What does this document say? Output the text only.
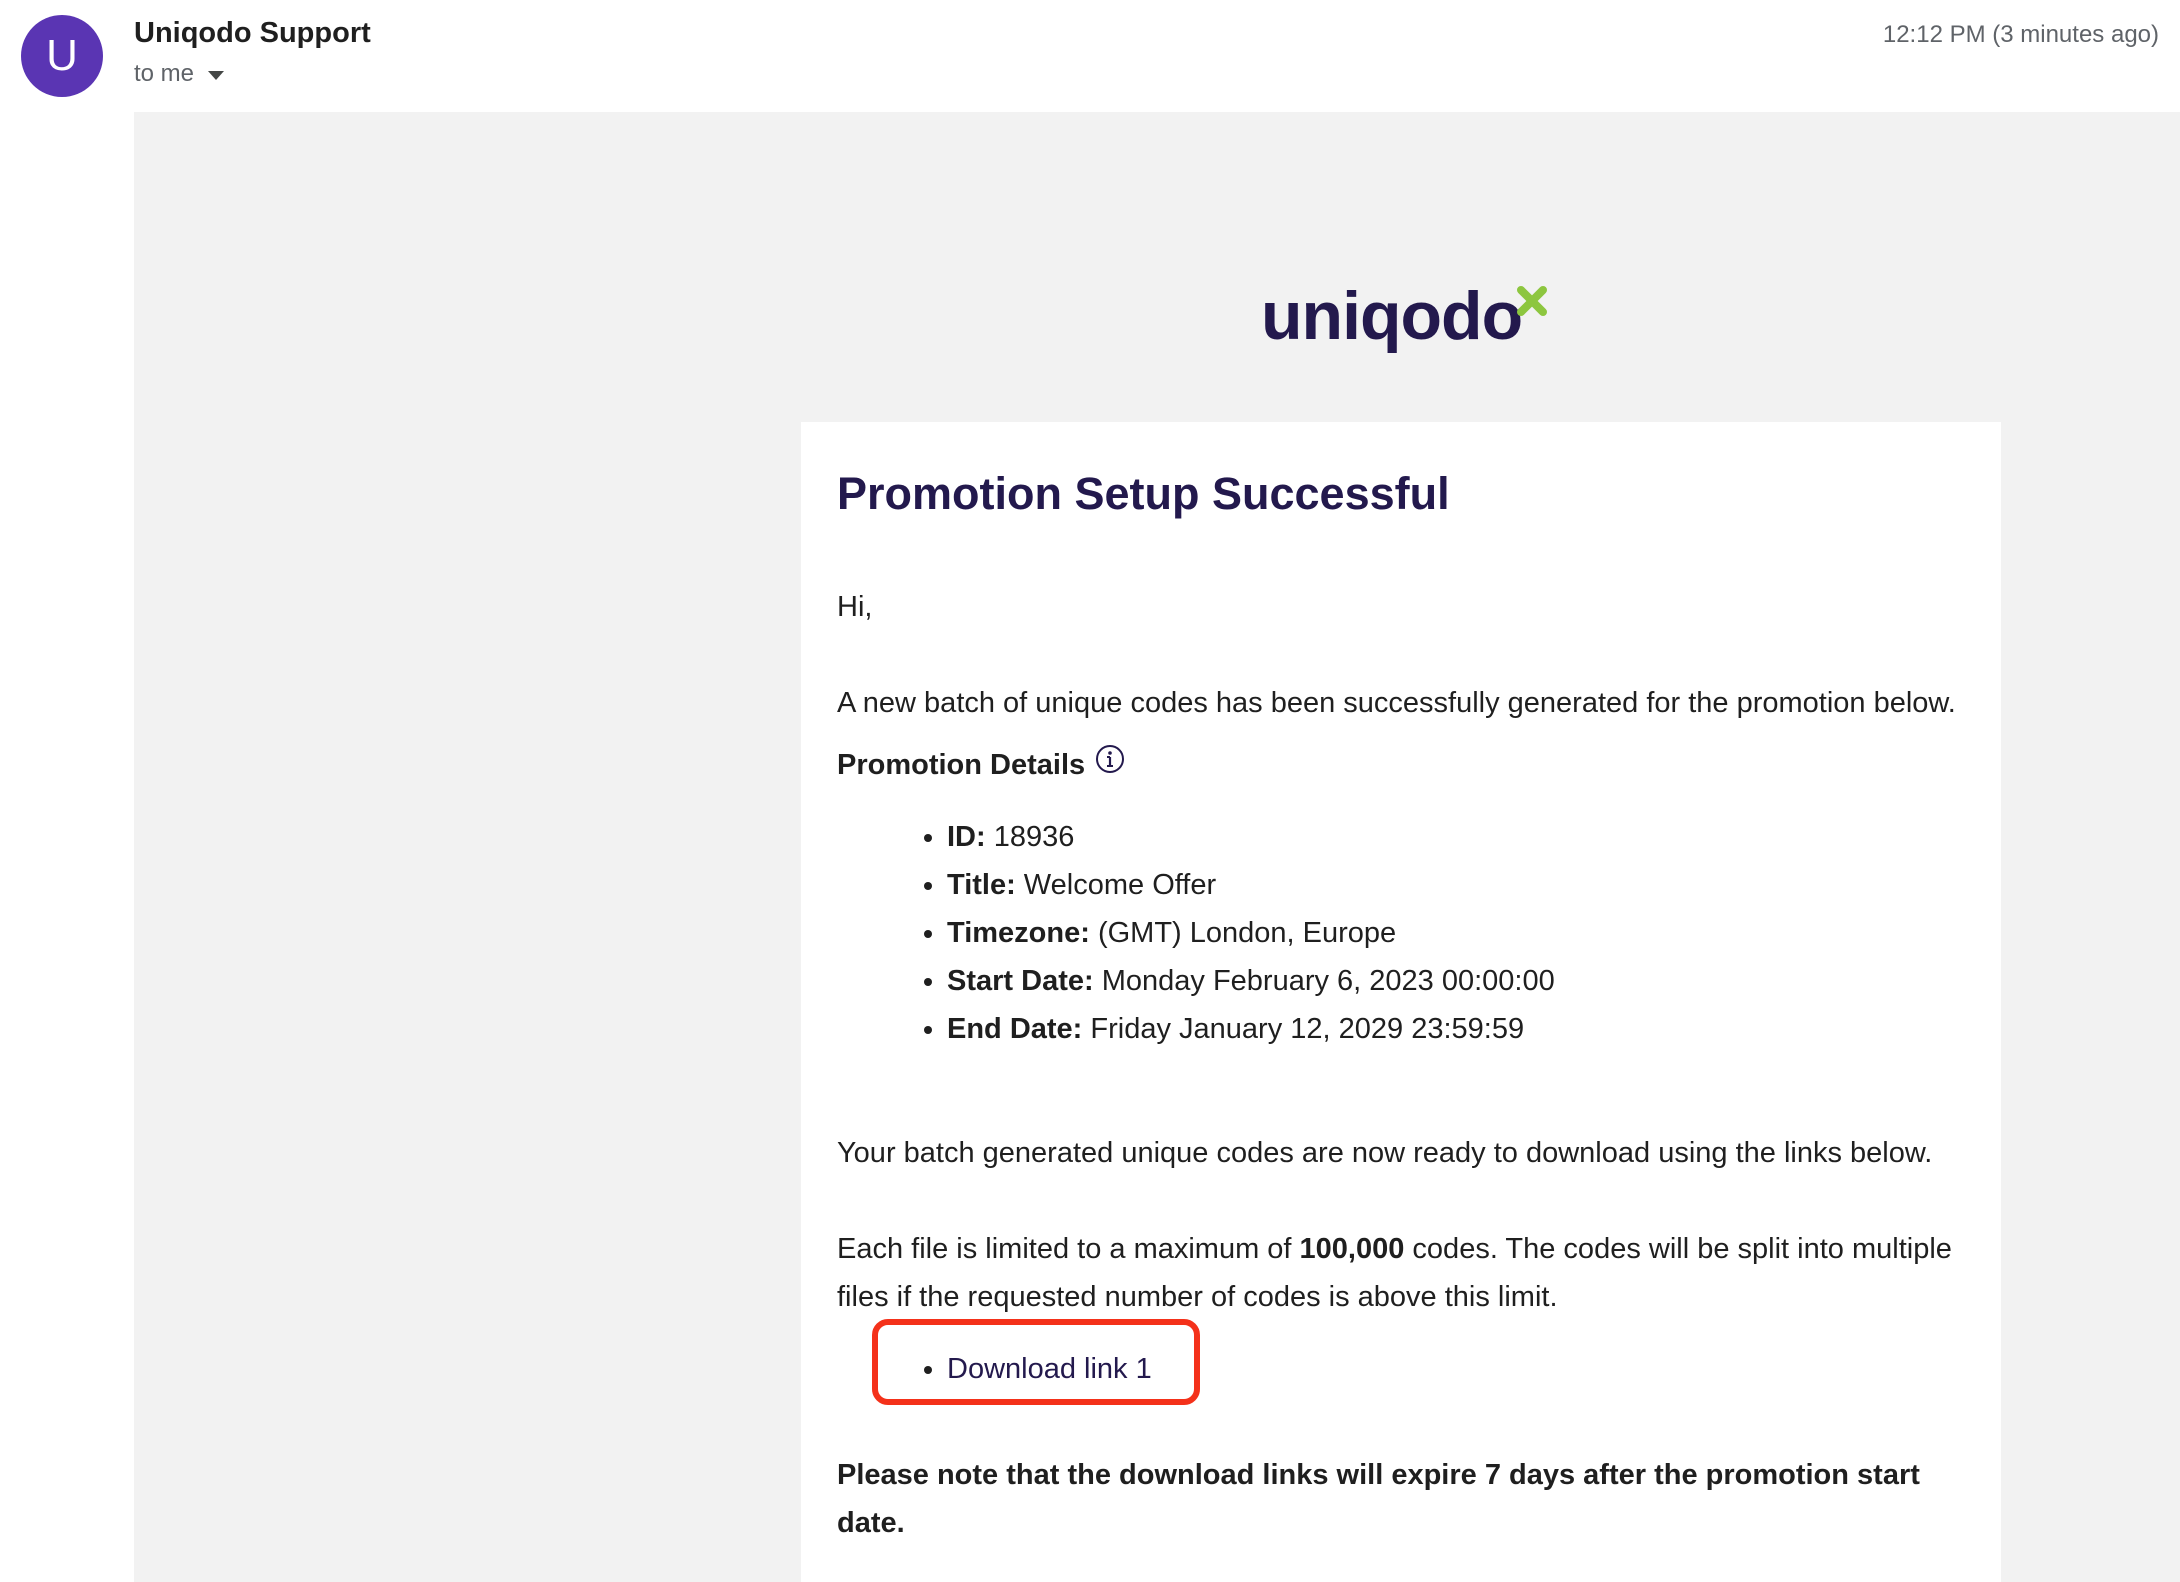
U	Uniqodo Support
to me
12:12 PM (3 minutes ago)
uniqodo
Promotion Setup Successful

Hi,

A new batch of unique codes has been successfully generated for the promotion below.

Promotion Details
• ID: 18936
• Title: Welcome Offer
• Timezone: (GMT) London, Europe
• Start Date: Monday February 6, 2023 00:00:00
• End Date: Friday January 12, 2029 23:59:59

Your batch generated unique codes are now ready to download using the links below.

Each file is limited to a maximum of 100,000 codes. The codes will be split into multiple files if the requested number of codes is above this limit.

• Download link 1

Please note that the download links will expire 7 days after the promotion start date.
